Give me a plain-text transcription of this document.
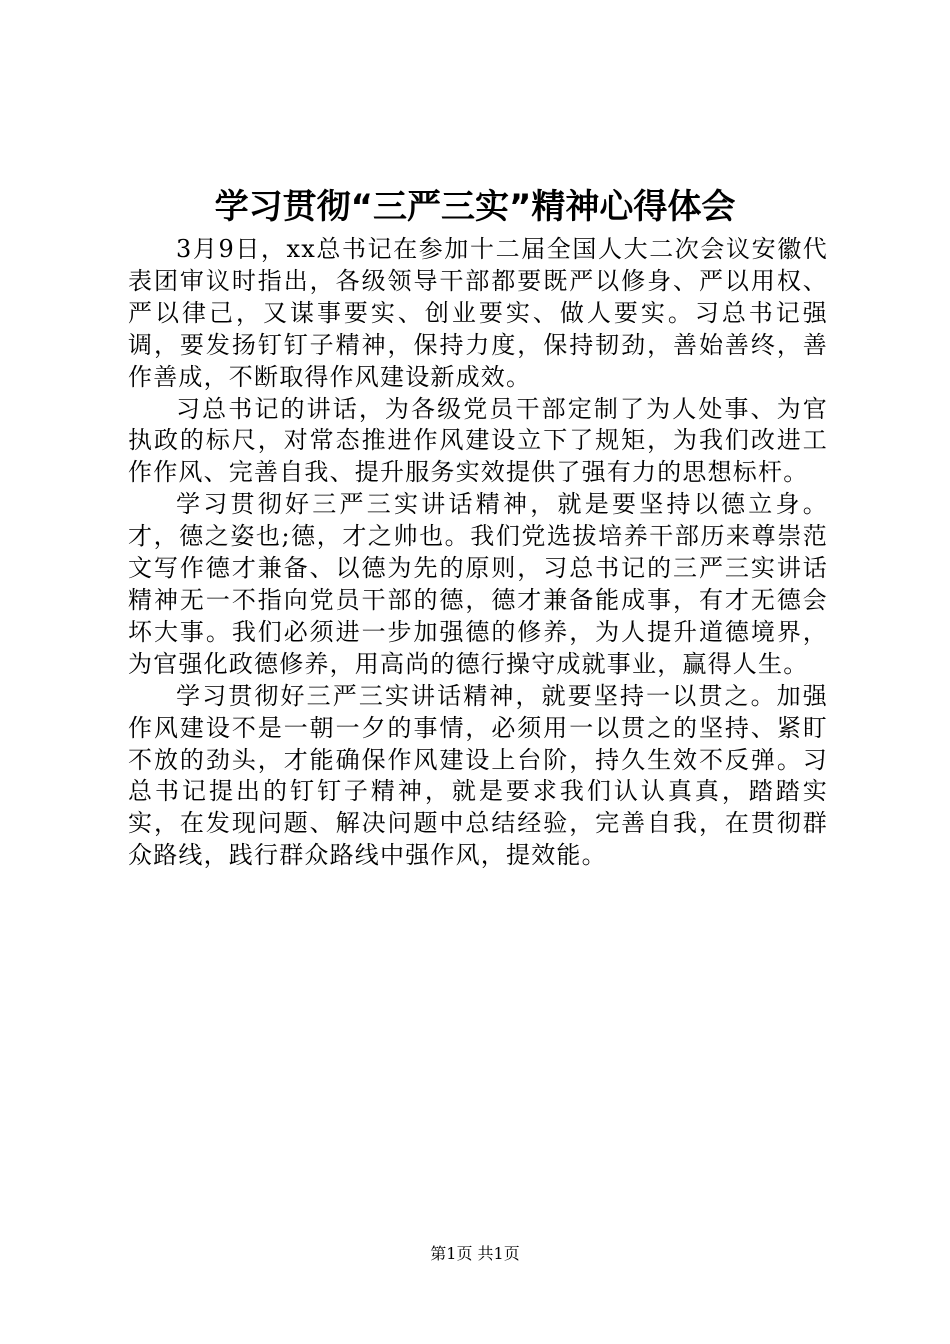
学习贯彻“三严三实”精神心得体会

3月9日，xx总书记在参加十二届全国人大二次会议安徽代表团审议时指出，各级领导干部都要既严以修身、严以用权、严以律己，又谋事要实、创业要实、做人要实。习总书记强调，要发扬钉钉子精神，保持力度，保持韧劲，善始善终，善作善成，不断取得作风建设新成效。

习总书记的讲话，为各级党员干部定制了为人处事、为官执政的标尺，对常态推进作风建设立下了规矩，为我们改进工作作风、完善自我、提升服务实效提供了强有力的思想标杆。

学习贯彻好三严三实讲话精神，就是要坚持以德立身。才，德之姿也;德，才之帅也。我们党选拔培养干部历来尊崇范文写作德才兼备、以德为先的原则，习总书记的三严三实讲话精神无一不指向党员干部的德，德才兼备能成事，有才无德会坏大事。我们必须进一步加强德的修养，为人提升道德境界，为官强化政德修养，用高尚的德行操守成就事业，赢得人生。

学习贯彻好三严三实讲话精神，就要坚持一以贯之。加强作风建设不是一朝一夕的事情，必须用一以贯之的坚持、紧盯不放的劲头，才能确保作风建设上台阶，持久生效不反弹。习总书记提出的钉钉子精神，就是要求我们认认真真，踏踏实实，在发现问题、解决问题中总结经验，完善自我，在贯彻群众路线，践行群众路线中强作风，提效能。

第1页 共1页
